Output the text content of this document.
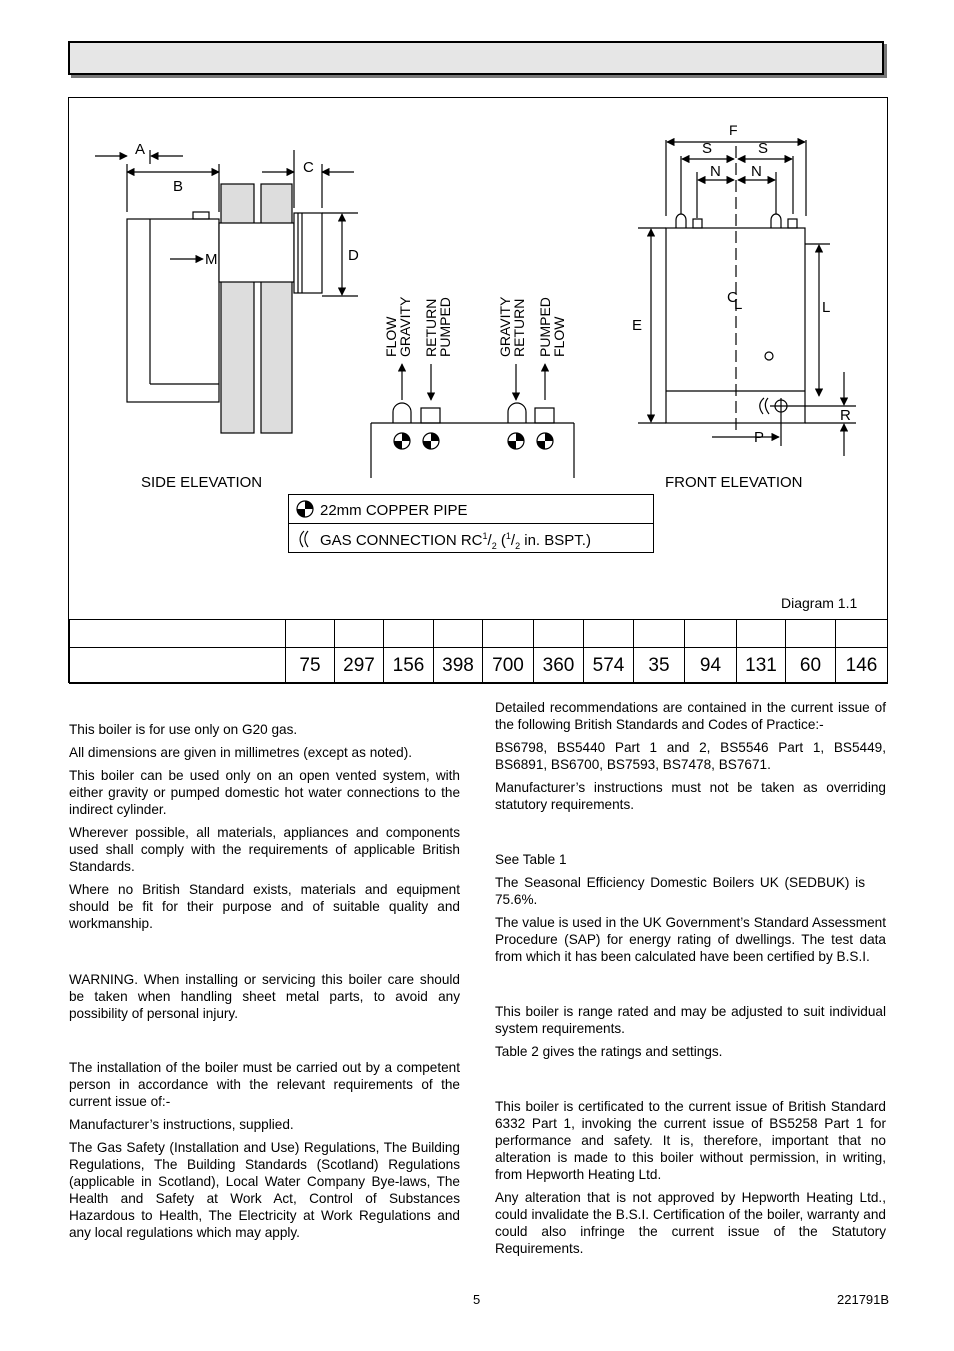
A
B
C
D
M
F
S	S
N N
E
L
C
L
R
P
FLOW
GRAVITY RETURN
PUMPED	GRAVITY
RETURN PUMPED
FLOW
SIDE ELEVATION	FRONT ELEVATION
22mm COPPER PIPE
GAS CONNECTION $RC^1/_2$ ($^1/_2$ in. BSPT.)
Diagram 1.1

	75	297	156	398	700	360	574	35	94	131	60	146

This boiler is for use only on G20 gas.

All dimensions are given in millimetres (except as noted).

This boiler can be used only on an open vented system, with either gravity or pumped domestic hot water connections to the indirect cylinder.

Wherever possible, all materials, appliances and components used shall comply with the requirements of applicable British Standards.

Where no British Standard exists, materials and equipment should be fit for their purpose and of suitable quality and workmanship.

WARNING. When installing or servicing this boiler care should be taken when handling sheet metal parts, to avoid any possibility of personal injury.

The installation of the boiler must be carried out by a competent person in accordance with the relevant requirements of the current issue of:-

Manufacturer’s instructions, supplied.

The Gas Safety (Installation and Use) Regulations, The Building Regulations, The Building Standards (Scotland) Regulations (applicable in Scotland), Local Water Company Bye-laws, The Health and Safety at Work Act, Control of Substances Hazardous to Health, The Electricity at Work Regulations and any local regulations which may apply.

Detailed recommendations are contained in the current issue of the following British Standards and Codes of Practice:-

BS6798, BS5440 Part 1 and 2, BS5546 Part 1, BS5449, BS6891, BS6700, BS7593, BS7478, BS7671.

Manufacturer’s instructions must not be taken as overriding statutory requirements.

See Table 1

The Seasonal Efficiency Domestic Boilers UK (SEDBUK) is 75.6%.

The value is used in the UK Government’s Standard Assessment Procedure (SAP) for energy rating of dwellings. The test data from which it has been calculated have been certified by B.S.I.

This boiler is range rated and may be adjusted to suit individual system requirements.

Table 2 gives the ratings and settings.

This boiler is certificated to the current issue of British Standard 6332 Part 1, invoking the current issue of BS5258 Part 1 for performance and safety. It is, therefore, important that no alteration is made to this boiler without permission, in writing, from Hepworth Heating Ltd.

Any alteration that is not approved by Hepworth Heating Ltd., could invalidate the B.S.I. Certification of the boiler, warranty and could also infringe the current issue of the Statutory Requirements.

5	221791B
